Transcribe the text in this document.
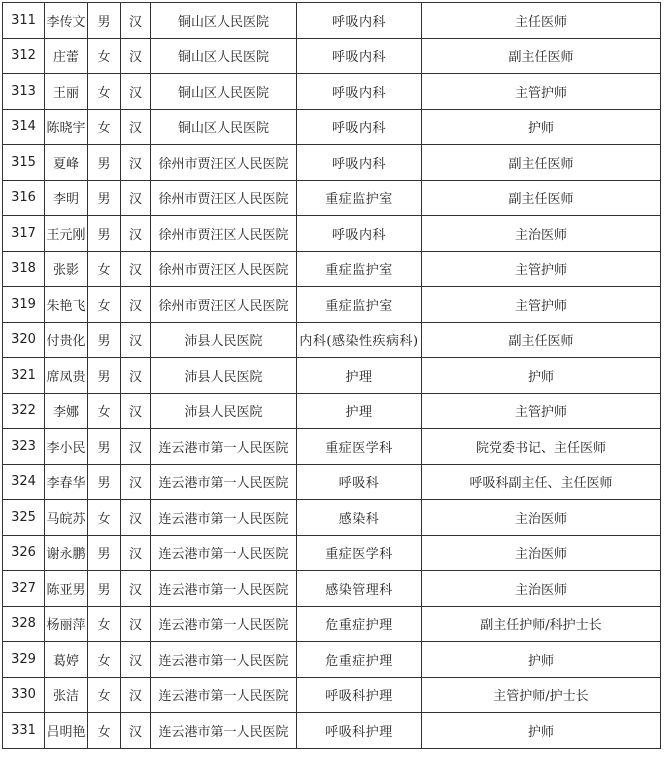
311	李传文	男	汉	铜山区人民医院	呼吸内科	主任医师
312	庄蕾	女	汉	铜山区人民医院	呼吸内科	副主任医师
313	王丽	女	汉	铜山区人民医院	呼吸内科	主管护师
314	陈晓宇	女	汉	铜山区人民医院	呼吸内科	护师
315	夏峰	男	汉	徐州市贾汪区人民医院	呼吸内科	副主任医师
316	李明	男	汉	徐州市贾汪区人民医院	重症监护室	副主任医师
317	王元刚	男	汉	徐州市贾汪区人民医院	呼吸内科	主治医师
318	张影	女	汉	徐州市贾汪区人民医院	重症监护室	主管护师
319	朱艳飞	女	汉	徐州市贾汪区人民医院	重症监护室	主管护师
320	付贵化	男	汉	沛县人民医院	内科(感染性疾病科)	副主任医师
321	席凤贵	男	汉	沛县人民医院	护理	护师
322	李娜	女	汉	沛县人民医院	护理	主管护师
323	李小民	男	汉	连云港市第一人民医院	重症医学科	院党委书记、主任医师
324	李春华	男	汉	连云港市第一人民医院	呼吸科	呼吸科副主任、主任医师
325	马皖苏	女	汉	连云港市第一人民医院	感染科	主治医师
326	谢永鹏	男	汉	连云港市第一人民医院	重症医学科	主治医师
327	陈亚男	男	汉	连云港市第一人民医院	感染管理科	主治医师
328	杨丽萍	女	汉	连云港市第一人民医院	危重症护理	副主任护师/科护士长
329	葛婷	女	汉	连云港市第一人民医院	危重症护理	护师
330	张洁	女	汉	连云港市第一人民医院	呼吸科护理	主管护师/护士长
331	吕明艳	女	汉	连云港市第一人民医院	呼吸科护理	护师
